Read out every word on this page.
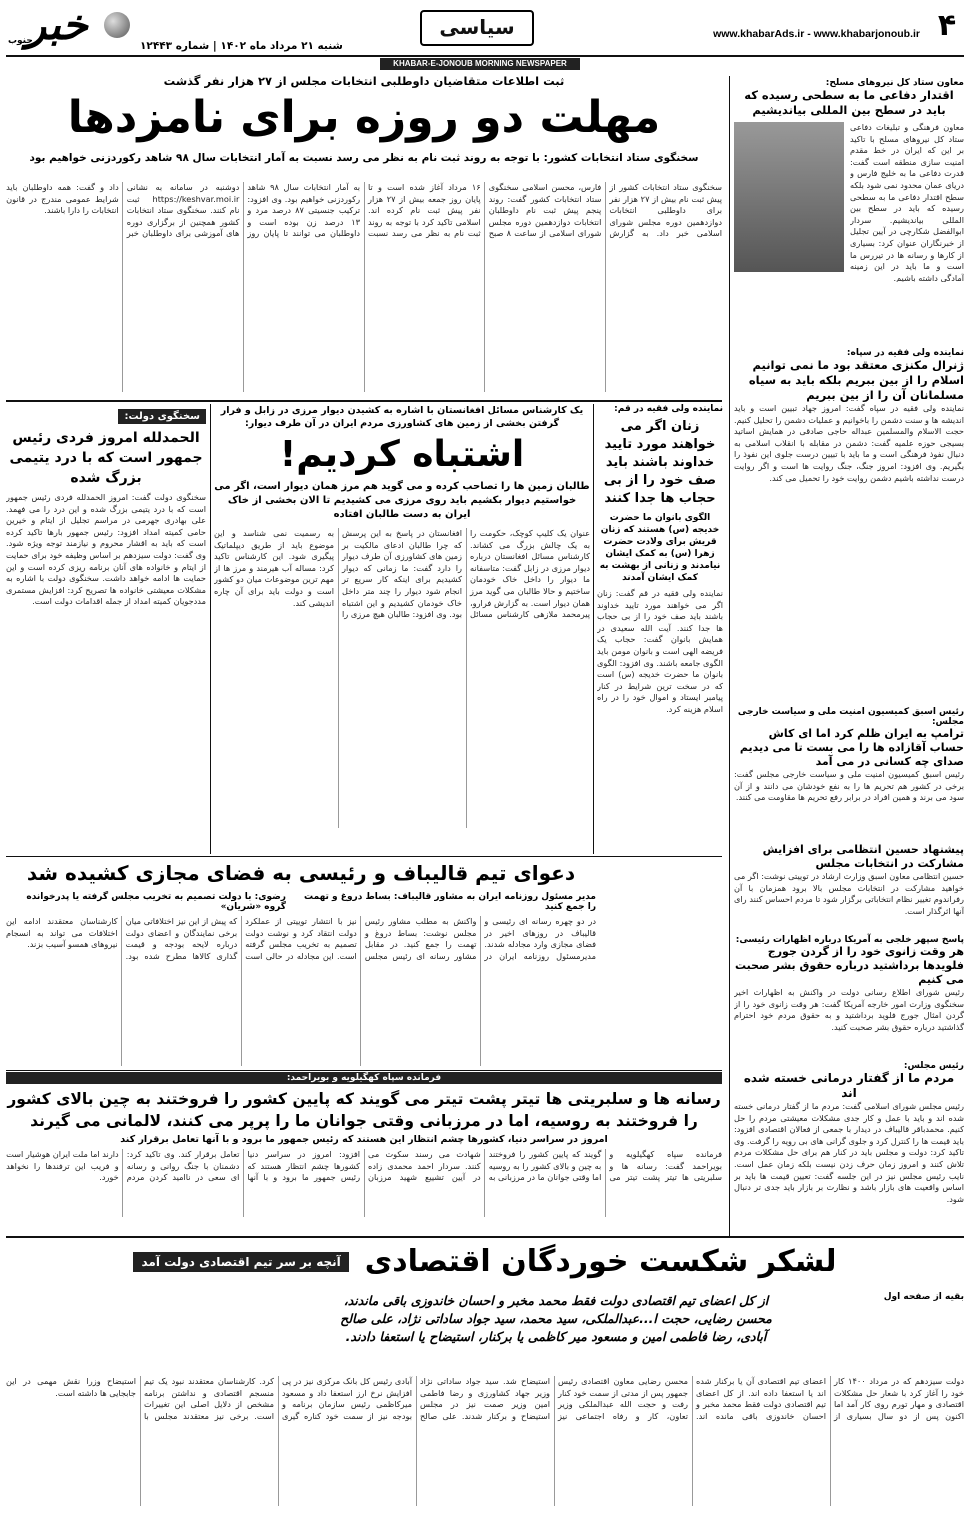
۴
www.khabarAds.ir - www.khabarjonoub.ir
سیاسی
خبر
جنوب	شنبه ۲۱ مرداد ماه ۱۴۰۲ | شماره ۱۲۴۴۳
KHABAR-E-JONOUB MORNING NEWSPAPER
معاون ستاد کل نیروهای مسلح:
اقتدار دفاعی ما به سطحی رسیده که باید در سطح بین المللی بیاندیشیم
معاون فرهنگی و تبلیغات دفاعی ستاد کل نیروهای مسلح با تاکید بر این که ایران در خط مقدم امنیت سازی منطقه است گفت: قدرت دفاعی ما به خلیج فارس و دریای عمان محدود نمی شود بلکه سطح اقتدار دفاعی ما به سطحی رسیده که باید در سطح بین المللی بیاندیشیم. سردار ابوالفضل شکارچی در آیین تجلیل از خبرنگاران عنوان کرد: بسیاری از کارها و رسانه ها در تیررس ما است و ما باید در این زمینه آمادگی داشته باشیم.
نماینده ولی فقیه در سپاه:
ژنرال مکنزی معتقد بود ما نمی توانیم اسلام را از بین ببریم بلکه باید به سیاه مسلمانان آن را از بین ببریم
نماینده ولی فقیه در سپاه گفت: امروز جهاد تبیین است و باید اندیشه ها و سنت دشمن را باخوانیم و عملیات دشمن را تحلیل کنیم. حجت الاسلام والمسلمین عبداله حاجی صادقی در همایش اساتید بسیجی حوزه علمیه گفت: دشمن در مقابله با انقلاب اسلامی به دنبال نفوذ فرهنگی است و ما باید با تبیین درست جلوی این نفوذ را بگیریم. وی افزود: امروز جنگ، جنگ روایت ها است و اگر روایت درست نداشته باشیم دشمن روایت خود را تحمیل می کند.
رئیس اسبق کمیسیون امنیت ملی و سیاست خارجی مجلس:
ترامپ به ایران ظلم کرد اما ای کاش حساب آقازاده ها را می بست تا می دیدیم صدای چه کسانی در می آمد
رئیس اسبق کمیسیون امنیت ملی و سیاست خارجی مجلس گفت: برخی در کشور هم تحریم ها را به نفع خودشان می دانند و از آن سود می برند و همین افراد در برابر رفع تحریم ها مقاومت می کنند.
پیشنهاد حسین انتظامی برای افزایش مشارکت در انتخابات مجلس
حسین انتظامی معاون اسبق وزارت ارشاد در توییتی نوشت: اگر می خواهید مشارکت در انتخابات مجلس بالا برود همزمان با آن رفراندوم تغییر نظام انتخاباتی برگزار شود تا مردم احساس کنند رای آنها اثرگذار است.
پاسخ سپهر خلجی به آمریکا درباره اظهارات رئیسی:
هر وقت زانوی خود را از گردن جورج فلویدها برداشتید درباره حقوق بشر صحبت می کنیم
رئیس شورای اطلاع رسانی دولت در واکنش به اظهارات اخیر سخنگوی وزارت امور خارجه آمریکا گفت: هر وقت زانوی خود را از گردن امثال جورج فلوید برداشتید و به حقوق مردم خود احترام گذاشتید درباره حقوق بشر صحبت کنید.
رئیس مجلس:
مردم ما از گفتار درمانی خسته شده اند
رئیس مجلس شورای اسلامی گفت: مردم ما از گفتار درمانی خسته شده اند و باید با عمل و کار جدی مشکلات معیشتی مردم را حل کنیم. محمدباقر قالیباف در دیدار با جمعی از فعالان اقتصادی افزود: باید قیمت ها را کنترل کرد و جلوی گرانی های بی رویه را گرفت. وی تاکید کرد: دولت و مجلس باید در کنار هم برای حل مشکلات مردم تلاش کنند و امروز زمان حرف زدن نیست بلکه زمان عمل است. نایب رئیس مجلس نیز در این جلسه گفت: تعیین قیمت ها باید بر اساس واقعیت های بازار باشد و نظارت بر بازار باید جدی تر دنبال شود.
ثبت اطلاعات متقاضیان داوطلبی انتخابات مجلس از ۲۷ هزار نفر گذشت
مهلت دو روزه برای نامزدها
سخنگوی ستاد انتخابات کشور: با توجه به روند ثبت نام به نظر می رسد نسبت به آمار انتخابات سال ۹۸ شاهد رکوردزنی خواهیم بود
سخنگوی ستاد انتخابات کشور از پیش ثبت نام بیش از ۲۷ هزار نفر برای داوطلبی انتخابات دوازدهمین دوره مجلس شورای اسلامی خبر داد. به گزارش فارس، محسن اسلامی سخنگوی ستاد انتخابات کشور گفت: روند پنجم پیش ثبت نام داوطلبان انتخابات دوازدهمین دوره مجلس شورای اسلامی از ساعت ۸ صبح ۱۶ مرداد آغاز شده است و تا پایان روز جمعه بیش از ۲۷ هزار نفر پیش ثبت نام کرده اند. اسلامی تاکید کرد با توجه به روند ثبت نام به نظر می رسد نسبت به آمار انتخابات سال ۹۸ شاهد رکوردزنی خواهیم بود. وی افزود: ترکیب جنسیتی ۸۷ درصد مرد و ۱۳ درصد زن بوده است و داوطلبان می توانند تا پایان روز دوشنبه در سامانه به نشانی https://keshvar.moi.ir ثبت نام کنند. سخنگوی ستاد انتخابات کشور همچنین از برگزاری دوره های آموزشی برای داوطلبان خبر داد و گفت: همه داوطلبان باید شرایط عمومی مندرج در قانون انتخابات را دارا باشند.
سخنگوی دولت:
الحمدلله امروز فردی رئیس جمهور است که با درد یتیمی بزرگ شده
سخنگوی دولت گفت: امروز الحمدلله فردی رئیس جمهور است که با درد یتیمی بزرگ شده و این درد را می فهمد. علی بهادری جهرمی در مراسم تجلیل از ایتام و خیرین حامی کمیته امداد افزود: رئیس جمهور بارها تاکید کرده است که باید به اقشار محروم و نیازمند توجه ویژه شود. وی گفت: دولت سیزدهم بر اساس وظیفه خود برای حمایت از ایتام و خانواده های آنان برنامه ریزی کرده است و این حمایت ها ادامه خواهد داشت. سخنگوی دولت با اشاره به مشکلات معیشتی خانواده ها تصریح کرد: افزایش مستمری مددجویان کمیته امداد از جمله اقدامات دولت است.
یک کارشناس مسائل افغانستان با اشاره به کشیدن دیوار مرزی در زابل و فرار گرفتن بخشی از زمین های کشاورزی مردم ایران در آن طرف دیوار:
اشتباه کردیم!
طالبان زمین ها را تصاحب کرده و می گوید هم مرز همان دیوار است، اگر می خواستیم دیوار بکشیم باید روی مرزی می کشیدیم تا الان بخشی از خاک ایران به دست طالبان افتاده
عنوان یک کلیپ کوچک، حکومت را به یک چالش بزرگ می کشاند. کارشناس مسائل افغانستان درباره دیوار مرزی در زابل گفت: متاسفانه ما دیوار را داخل خاک خودمان ساختیم و حالا طالبان می گوید مرز همان دیوار است. به گزارش فرارو، پیرمحمد ملازهی کارشناس مسائل افغانستان در پاسخ به این پرسش که چرا طالبان ادعای مالکیت بر زمین های کشاورزی آن طرف دیوار را دارد گفت: ما زمانی که دیوار کشیدیم برای اینکه کار سریع تر انجام شود دیوار را چند متر داخل خاک خودمان کشیدیم و این اشتباه بود. وی افزود: طالبان هیچ مرزی را به رسمیت نمی شناسد و این موضوع باید از طریق دیپلماتیک پیگیری شود. این کارشناس تاکید کرد: مساله آب هیرمند و مرز ها از مهم ترین موضوعات میان دو کشور است و دولت باید برای آن چاره اندیشی کند.
نماینده ولی فقیه در قم:
زنان اگر می خواهند مورد تایید خداوند باشند باید صف خود را از بی حجاب ها جدا کنند
الگوی بانوان ما حضرت خدیجه (س) هستند که زنان قریش برای ولادت حضرت زهرا (س) به کمک ایشان نیامدند و زنانی از بهشت به کمک ایشان آمدند
نماینده ولی فقیه در قم گفت: زنان اگر می خواهند مورد تایید خداوند باشند باید صف خود را از بی حجاب ها جدا کنند. آیت الله سعیدی در همایش بانوان گفت: حجاب یک فریضه الهی است و بانوان مومن باید الگوی جامعه باشند. وی افزود: الگوی بانوان ما حضرت خدیجه (س) است که در سخت ترین شرایط در کنار پیامبر ایستاد و اموال خود را در راه اسلام هزینه کرد.
دعوای تیم قالیباف و رئیسی به فضای مجازی کشیده شد
مدیر مسئول روزنامه ایران به مشاور قالیباف: بساط دروغ و تهمت را جمع کنید
رضوی: با دولت تصمیم به تخریب مجلس گرفته یا پدرخوانده گروه «شریان»
در دو چهره رسانه ای رئیسی و قالیباف در روزهای اخیر در فضای مجازی وارد مجادله شدند. مدیرمسئول روزنامه ایران در واکنش به مطلب مشاور رئیس مجلس نوشت: بساط دروغ و تهمت را جمع کنید. در مقابل مشاور رسانه ای رئیس مجلس نیز با انتشار توییتی از عملکرد دولت انتقاد کرد و نوشت دولت تصمیم به تخریب مجلس گرفته است. این مجادله در حالی است که پیش از این نیز اختلافاتی میان برخی نمایندگان و اعضای دولت درباره لایحه بودجه و قیمت گذاری کالاها مطرح شده بود. کارشناسان معتقدند ادامه این اختلافات می تواند به انسجام نیروهای همسو آسیب بزند.
فرمانده سپاه کهگیلویه و بویراحمد:
رسانه ها و سلبریتی ها تیتر پشت تیتر می گویند که پایین کشور را فروختند به چین بالای کشور را فروختند به روسیه، اما در مرزبانی وقتی جوانان ما را پرپر می کنند، لالمانی می گیرند
امروز در سراسر دنیا، کشورها چشم انتظار این هستند که رئیس جمهور ما برود و با آنها تعامل برقرار کند
فرمانده سپاه کهگیلویه و بویراحمد گفت: رسانه ها و سلبریتی ها تیتر پشت تیتر می گویند که پایین کشور را فروختند به چین و بالای کشور را به روسیه اما وقتی جوانان ما در مرزبانی به شهادت می رسند سکوت می کنند. سردار احمد محمدی زاده در آیین تشییع شهید مرزبان افزود: امروز در سراسر دنیا کشورها چشم انتظار هستند که رئیس جمهور ما برود و با آنها تعامل برقرار کند. وی تاکید کرد: دشمنان با جنگ روانی و رسانه ای سعی در ناامید کردن مردم دارند اما ملت ایران هوشیار است و فریب این ترفندها را نخواهد خورد.
لشکر شکست خوردگان اقتصادی
آنچه بر سر تیم اقتصادی دولت آمد
بقیه از صفحه اول
از کل اعضای تیم اقتصادی دولت فقط محمد مخبر و احسان خاندوزی باقی ماندند، محسن رضایی، حجت ا...عبدالملکی، سید محمد، سید جواد ساداتی نژاد، علی صالح آبادی، رضا فاطمی امین و مسعود میر کاظمی یا برکنار، استیضاح یا استعفا دادند.
دولت سیزدهم که در مرداد ۱۴۰۰ کار خود را آغاز کرد با شعار حل مشکلات اقتصادی و مهار تورم روی کار آمد اما اکنون پس از دو سال بسیاری از اعضای تیم اقتصادی آن یا برکنار شده اند یا استعفا داده اند. از کل اعضای تیم اقتصادی دولت فقط محمد مخبر و احسان خاندوزی باقی مانده اند. محسن رضایی معاون اقتصادی رئیس جمهور پس از مدتی از سمت خود کنار رفت و حجت الله عبدالملکی وزیر تعاون، کار و رفاه اجتماعی نیز استیضاح شد. سید جواد ساداتی نژاد وزیر جهاد کشاورزی و رضا فاطمی امین وزیر صمت نیز در مجلس استیضاح و برکنار شدند. علی صالح آبادی رئیس کل بانک مرکزی نیز در پی افزایش نرخ ارز استعفا داد و مسعود میرکاظمی رئیس سازمان برنامه و بودجه نیز از سمت خود کناره گیری کرد. کارشناسان معتقدند نبود یک تیم منسجم اقتصادی و نداشتن برنامه مشخص از دلایل اصلی این تغییرات است. برخی نیز معتقدند مجلس با استیضاح وزرا نقش مهمی در این جابجایی ها داشته است.
